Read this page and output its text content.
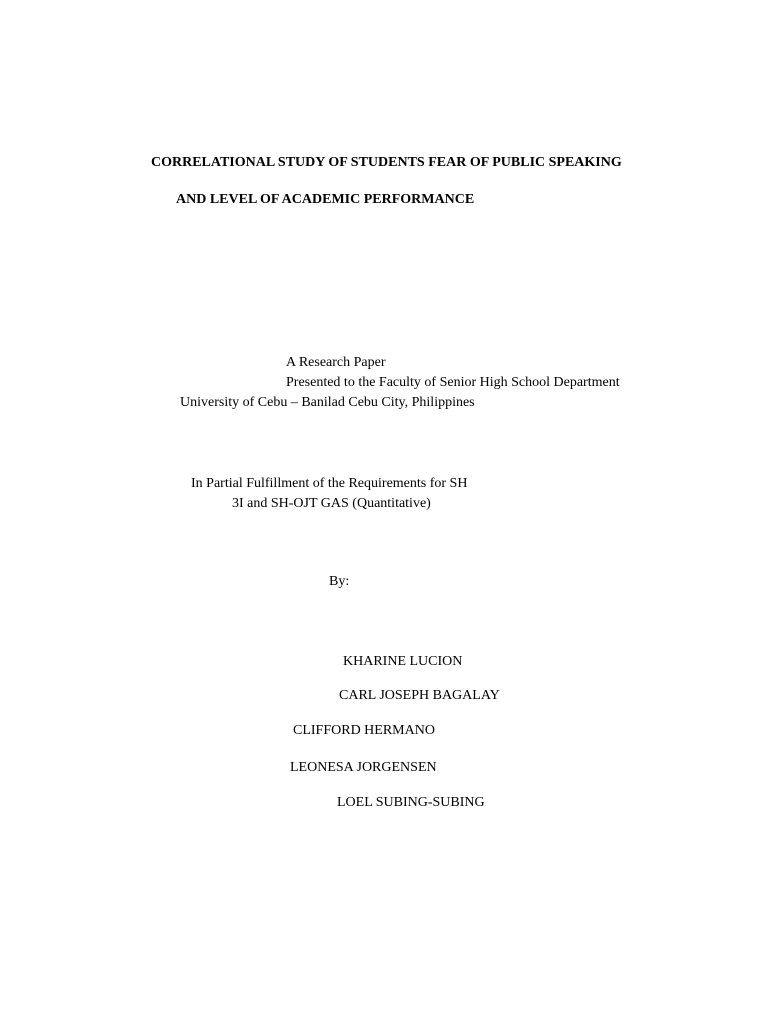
CORRELATIONAL STUDY OF STUDENTS FEAR OF PUBLIC SPEAKING
AND LEVEL OF ACADEMIC PERFORMANCE
A Research Paper
Presented to the Faculty of Senior High School Department
University of Cebu – Banilad Cebu City, Philippines
In Partial Fulfillment of the Requirements for SH
3I and SH-OJT GAS (Quantitative)
By:
KHARINE LUCION
CARL JOSEPH BAGALAY
CLIFFORD HERMANO
LEONESA JORGENSEN
LOEL SUBING-SUBING
